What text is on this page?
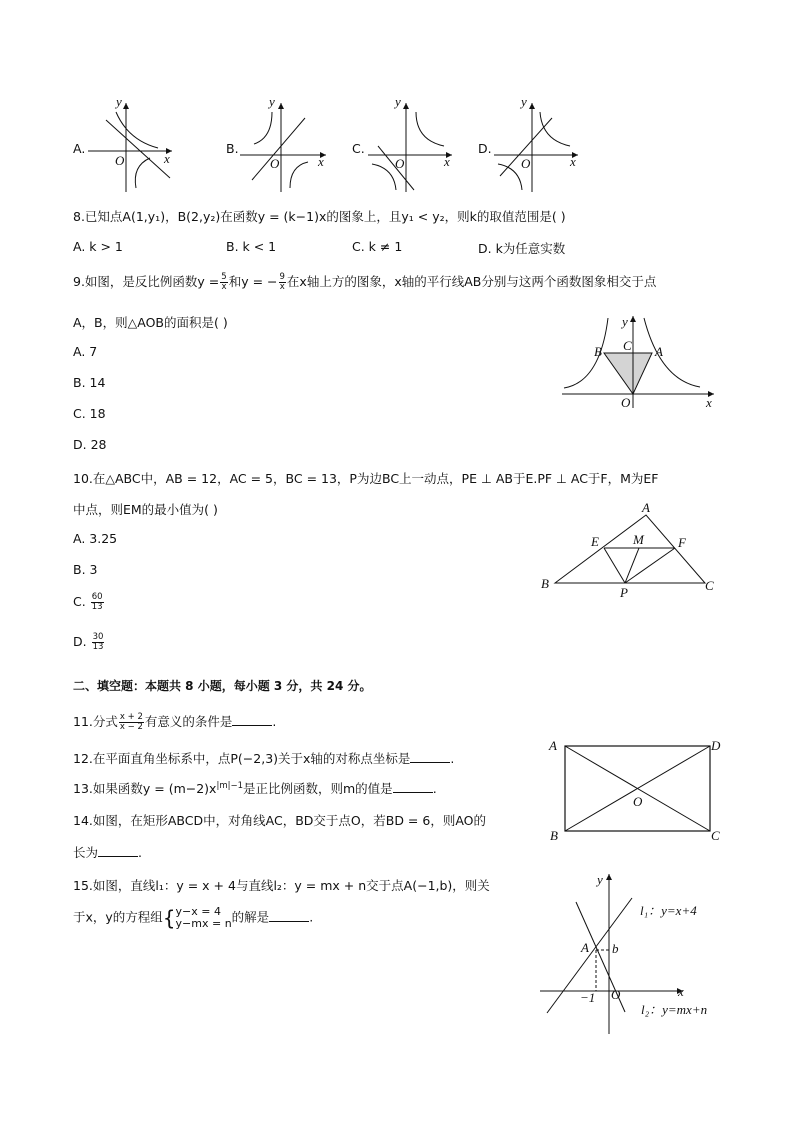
A.
y
x
O
B.
y
x
O
C.
y
x
O
D.
y
x
O
8.已知点A(1,y₁)，B(2,y₂)在函数y = (k−1)x的图象上，且y₁ < y₂，则k的取值范围是( )
A. k > 1	B. k < 1	C. k ≠ 1	D. k为任意实数
9.如图，是反比例函数$y = \frac{5}{x}$ 和y = − $\frac{9}{x}$ 在x轴上方的图象，x轴的平行线AB分别与这两个函数图象相交于点
A，B，则△AOB的面积是( )
A. 7
B. 14
C. 18
D. 28
y
x
O
B C A
10.在△ABC中，AB = 12，AC = 5，BC = 13，P为边BC上一动点，PE ⊥ AB于E.PF ⊥ AC于F，M为EF
中点，则EM的最小值为( )
A. 3.25
B. 3
C. $\frac{60}{13}$
D. $\frac{30}{13}$
A
B	C
E	F
M
P
二、填空题：本题共 8 小题，每小题 3 分，共 24 分。
11.分式 $\frac{x + 2}{x - 2}$ 有意义的条件是	.
12.在平面直角坐标系中，点P(−2,3)关于x轴的对称点坐标是	.
13.如果函数$y = (m-2)x^{|m|-1}$是正比例函数，则m的值是	.
14.如图，在矩形ABCD中，对角线AC，BD交于点O，若BD = 6，则AO的
长为	.
A	D
B	C
O
15.如图，直线l₁：y = x + 4与直线l₂：y = mx + n交于点A(−1,b)，则关
于x，y的方程组{ y−x = 4
y−mx = n 的解是	.
y
x
O
A b
−1
l₁：y=x+4
l₂：y=mx+n
